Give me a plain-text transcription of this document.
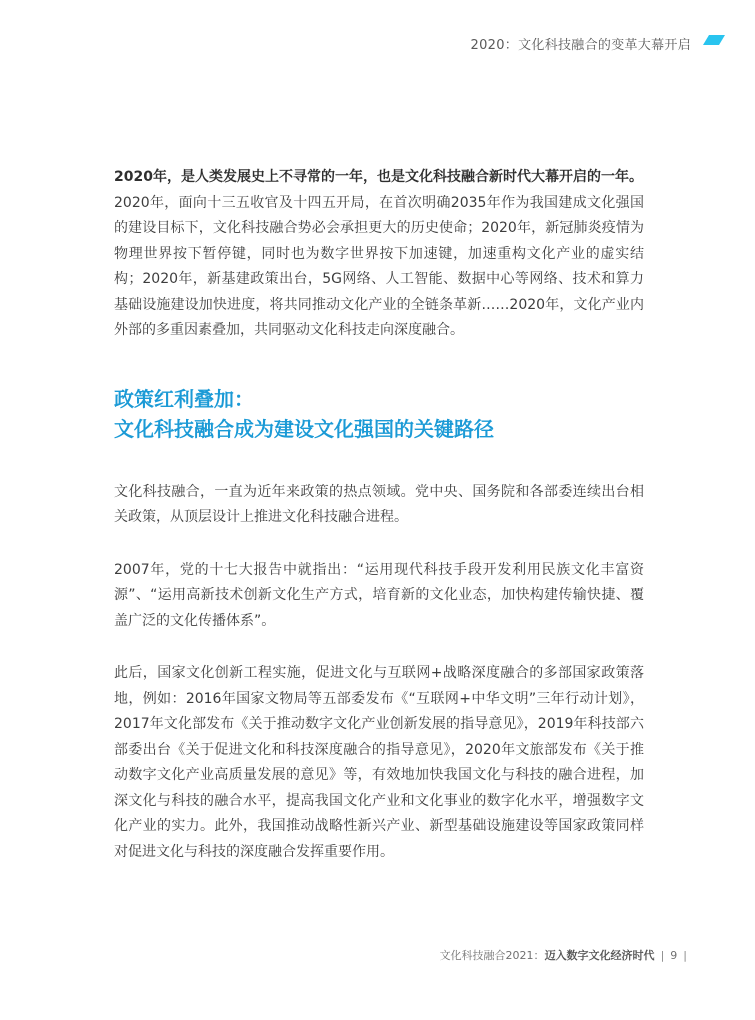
2020：文化科技融合的变革大幕开启

2020年，是人类发展史上不寻常的一年，也是文化科技融合新时代大幕开启的一年。
2020年，面向十三五收官及十四五开局，在首次明确2035年作为我国建成文化强国的建设目标下，文化科技融合势必会承担更大的历史使命；2020年，新冠肺炎疫情为物理世界按下暂停键，同时也为数字世界按下加速键，加速重构文化产业的虚实结构；2020年，新基建政策出台，5G网络、人工智能、数据中心等网络、技术和算力基础设施建设加快进度，将共同推动文化产业的全链条革新……2020年，文化产业内外部的多重因素叠加，共同驱动文化科技走向深度融合。

政策红利叠加：
文化科技融合成为建设文化强国的关键路径

文化科技融合，一直为近年来政策的热点领域。党中央、国务院和各部委连续出台相关政策，从顶层设计上推进文化科技融合进程。

2007年，党的十七大报告中就指出：“运用现代科技手段开发利用民族文化丰富资源”、“运用高新技术创新文化生产方式，培育新的文化业态，加快构建传输快捷、覆盖广泛的文化传播体系”。

此后，国家文化创新工程实施，促进文化与互联网+战略深度融合的多部国家政策落地，例如：2016年国家文物局等五部委发布《“互联网+中华文明”三年行动计划》，2017年文化部发布《关于推动数字文化产业创新发展的指导意见》，2019年科技部六部委出台《关于促进文化和科技深度融合的指导意见》，2020年文旅部发布《关于推动数字文化产业高质量发展的意见》等，有效地加快我国文化与科技的融合进程，加深文化与科技的融合水平，提高我国文化产业和文化事业的数字化水平，增强数字文化产业的实力。此外，我国推动战略性新兴产业、新型基础设施建设等国家政策同样对促进文化与科技的深度融合发挥重要作用。

文化科技融合2021：迈入数字文化经济时代 | 9 |
